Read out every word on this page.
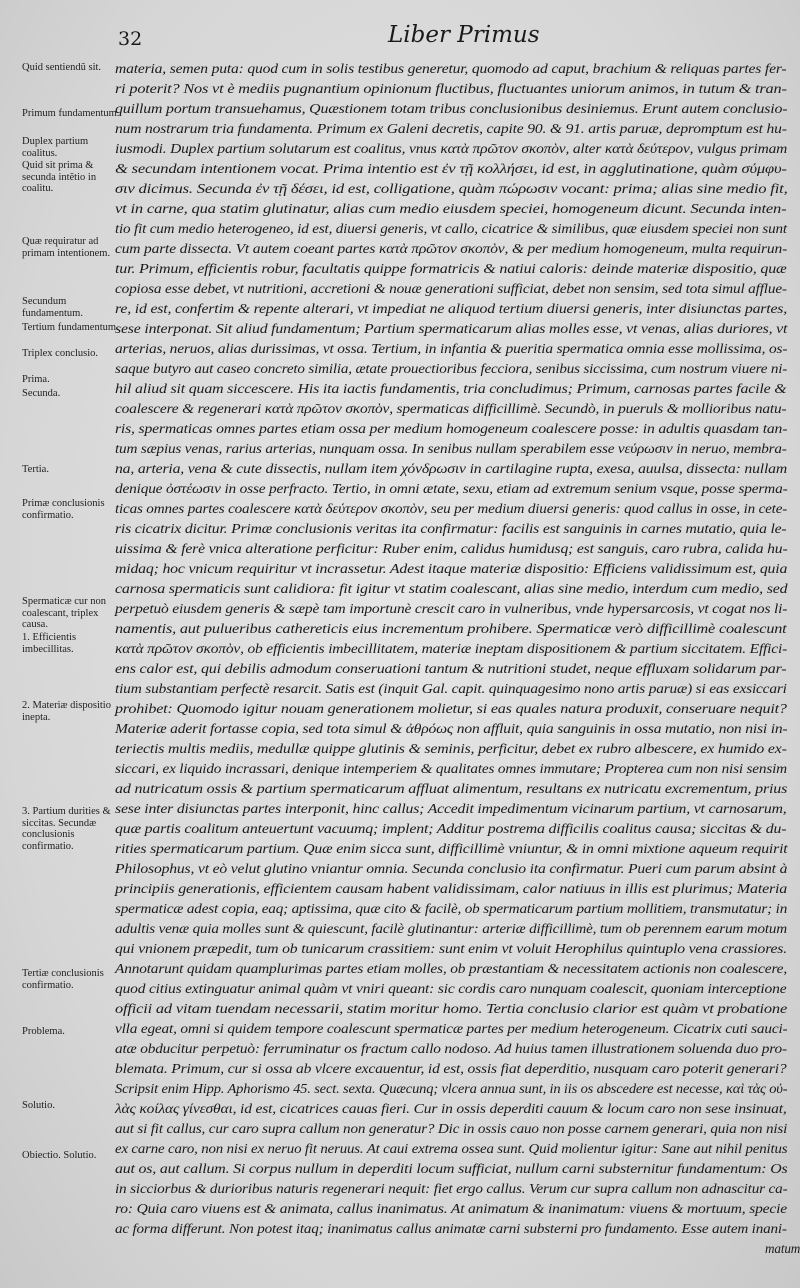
32	Liber Primus
Quid sentiendũ sit.
Primum fundamentum.
Duplex partium coalitus.
Quid sit prima & secunda intẽtio in coalitu.
Quæ requiratur ad primam intentionem.
Secundum fundamentum.
Tertium fundamentum.
Triplex conclusio.
Prima.
Secunda.
Tertia.
Primæ conclusionis confirmatio.
Spermaticæ cur non coalescant, triplex causa.
1. Efficientis imbecillitas.
2. Materiæ dispositio ineptа.
3. Partium durities & siccitas. Secundæ conclusionis confirmatio.
Tertiæ conclusionis confirmatio.
Problema.
Solutio.
Obiectio. Solutio.
materia, semen puta: quod cum in solis testibus generetur, quomodo ad caput, brachium & reliquas partes fer-
ri poterit? Nos vt è mediis pugnantium opinionum fluctibus, fluctuantes uniorum animos, in tutum & tran-
quillum portum transuehamus, Quæstionem totam tribus conclusionibus desiniemus. Erunt autem conclusio-
num nostrarum tria fundamenta. Primum ex Galeni decretis, capite 90. & 91. artis paruæ, depromptum est hu-
iusmodi. Duplex partium solutarum est coalitus, vnus κατὰ πρῶτον σκοπὸν, alter κατὰ δεύτερον, vulgus primam
& secundam intentionem vocat. Prima intentio est ἐν τῇ κολλήσει, id est, in agglutinatione, quàm σύμφυ-
σιν dicimus. Secunda ἐν τῇ δέσει, id est, colligatione, quàm πώρωσιν vocant: prima; alias sine medio fit,
vt in carne, qua statim glutinatur, alias cum medio eiusdem speciei, homogeneum dicunt. Secunda inten-
tio fit cum medio heterogeneo, id est, diuersi generis, vt callo, cicatrice & similibus, quæ eiusdem speciei non sunt
cum parte dissecta. Vt autem coeant partes κατὰ πρῶτον σκοπὸν, & per medium homogeneum, multa requirun-
tur. Primum, efficientis robur, facultatis quippe formatricis & natiui caloris: deinde materiæ dispositio, quæ
copiosa esse debet, vt nutritioni, accretioni & nouæ generationi sufficiat, debet non sensim, sed tota simul affluе-
re, id est, confertim & repente alterari, vt impediat ne aliquod tertium diuersi generis, inter disiunctas partes,
sese interponat. Sit aliud fundamentum; Partium spermaticarum alias molles esse, vt venas, alias duriores, vt
arterias, neruos, alias durissimas, vt ossa. Tertium, in infantia & pueritia spermatica omnia esse mollissima, os-
saque butyro aut caseo concreto similia, ætate prouectioribus fecciora, senibus siccissima, cum nostrum viuere ni-
hil aliud sit quam siccescere. His ita iactis fundamentis, tria concludimus; Primum, carnosas partes facile &
coalescere & regenerari κατὰ πρῶτον σκοπὸν, spermaticas difficillimè. Secundò, in pueruls & mollioribus natu-
ris, spermaticas omnes partes etiam ossa per medium homogeneum coalescere posse: in adultis quasdam tan-
tum sæpius venas, rarius arterias, nunquam ossa. In senibus nullam sperabilem esse νεύρωσιν in neruo, membra-
na, arteria, vena & cute dissectis, nullam item χόνδρωσιν in cartilagine rupta, exesa, auulsa, dissecta: nullam
denique ὀστέωσιν in osse perfracto. Tertio, in omni ætate, sexu, etiam ad extremum senium vsque, posse sperma-
ticas omnes partes coalescere κατὰ δεύτερον σκοπὸν, seu per medium diuersi generis: quod callus in osse, in cete-
ris cicatrix dicitur. Primæ conclusionis veritas ita confirmatur: facilis est sanguinis in carnes mutatio, quia le-
uissima & ferè vnica alteratione perficitur: Ruber enim, calidus humidusq; est sanguis, caro rubra, calida hu-
midaq; hoc vnicum requiritur vt incrassetur. Adest itaque materiæ dispositio: Efficiens validissimum est, quia
carnosa spermaticis sunt calidiora: fit igitur vt statim coalescant, alias sine medio, interdum cum medio, sed
perpetuò eiusdem generis & sæpè tam importunè crescit caro in vulneribus, vnde hypersarcosis, vt cogat nos li-
namentis, aut pulueribus cathereticis eius incrementum prohibere. Spermaticæ verò difficillimè coalescunt
κατὰ πρῶτον σκοπὸν, ob efficientis imbecillitatem, materiæ ineptam dispositionem & partium siccitatem. Effici-
ens calor est, qui debilis admodum conseruationi tantum & nutritioni studet, neque effluxam solidarum par-
tium substantiam perfectè resarcit. Satis est (inquit Gal. capit. quinquagesimo nono artis paruæ) si eas exsiccari
prohibet: Quomodo igitur nouam generationem molietur, si eas quales natura produxit, conseruare nequit?
Materiæ aderit fortasse copia, sed tota simul & ἀθρόως non affluit, quia sanguinis in ossa mutatio, non nisi in-
teriectis multis mediis, medullæ quippe glutinis & seminis, perficitur, debet ex rubro albescere, ex humido ex-
siccari, ex liquido incrassari, denique intemperiem & qualitates omnes immutare; Propterea cum non nisi sensim
ad nutricatum ossis & partium spermaticarum affluat alimentum, resultans ex nutricatu excrementum, prius
sese inter disiunctas partes interponit, hinc callus; Accedit impedimentum vicinarum partium, vt carnosarum,
quæ partis coalitum anteuertunt vacuumq; implent; Additur postrema difficilis coalitus causa; siccitas & du-
rities spermaticarum partium. Quæ enim sicca sunt, difficillimè vniuntur, & in omni mixtione aqueum requirit
Philosophus, vt eò velut glutino vniantur omnia. Secunda conclusio ita confirmatur. Pueri cum parum absint à
principiis generationis, efficientem causam habent validissimam, calor natiuus in illis est plurimus; Materia
spermaticæ adest copia, eaq; aptissima, quæ cito & facilè, ob spermaticarum partium mollitiem, transmutatur; in
adultis venæ quia molles sunt & quiescunt, facilè glutinantur: arteriæ difficillimè, tum ob perennem earum motum
qui vnionem præpedit, tum ob tunicarum crassitiem: sunt enim vt voluit Herophilus quintuplo vena crassiores.
Annotarunt quidam quamplurimas partes etiam molles, ob præstantiam & necessitatem actionis non coalescere,
quod citius extinguatur animal quàm vt vniri queant: sic cordis caro nunquam coalescit, quoniam interceptione
officii ad vitam tuendam necessarii, statim moritur homo. Tertia conclusio clarior est quàm vt probatione
vlla egeat, omni si quidem tempore coalescunt spermaticæ partes per medium heterogeneum. Cicatrix cuti sauci-
atæ obducitur perpetuò: ferruminatur os fractum callo nodoso. Ad huius tamen illustrationem soluenda duo pro-
blemata. Primum, cur si ossa ab vlcere excauentur, id est, ossis fiat deperditio, nusquam caro poterit generari?
Scripsit enim Hipp. Aphorismo 45. sect. sexta. Quæcunq; vlcera annua sunt, in iis os abscedere est necesse, καὶ τὰς οὐ-
λὰς κοίλας γίνεσθαι, id est, cicatrices cauas fieri. Cur in ossis deperditi cauum & locum caro non sese insinuat,
aut si fit callus, cur caro supra callum non generatur? Dic in ossis cauo non posse carnem generari, quia non nisi
ex carne caro, non nisi ex neruo fit neruus. At caui extrema ossea sunt. Quid molientur igitur: Sane aut nihil penitus
aut os, aut callum. Si corpus nullum in deperditi locum sufficiat, nullum carni substernitur fundamentum: Os
in sicciorbus & durioribus naturis regenerari nequit: fiet ergo callus. Verum cur supra callum non adnascitur ca-
ro: Quia caro viuens est & animata, callus inanimatus. At animatum & inanimatum: viuens & mortuum, specie
ac forma differunt. Non potest itaq; inanimatus callus animatæ carni substerni pro fundamento. Esse autem inani-
matum
